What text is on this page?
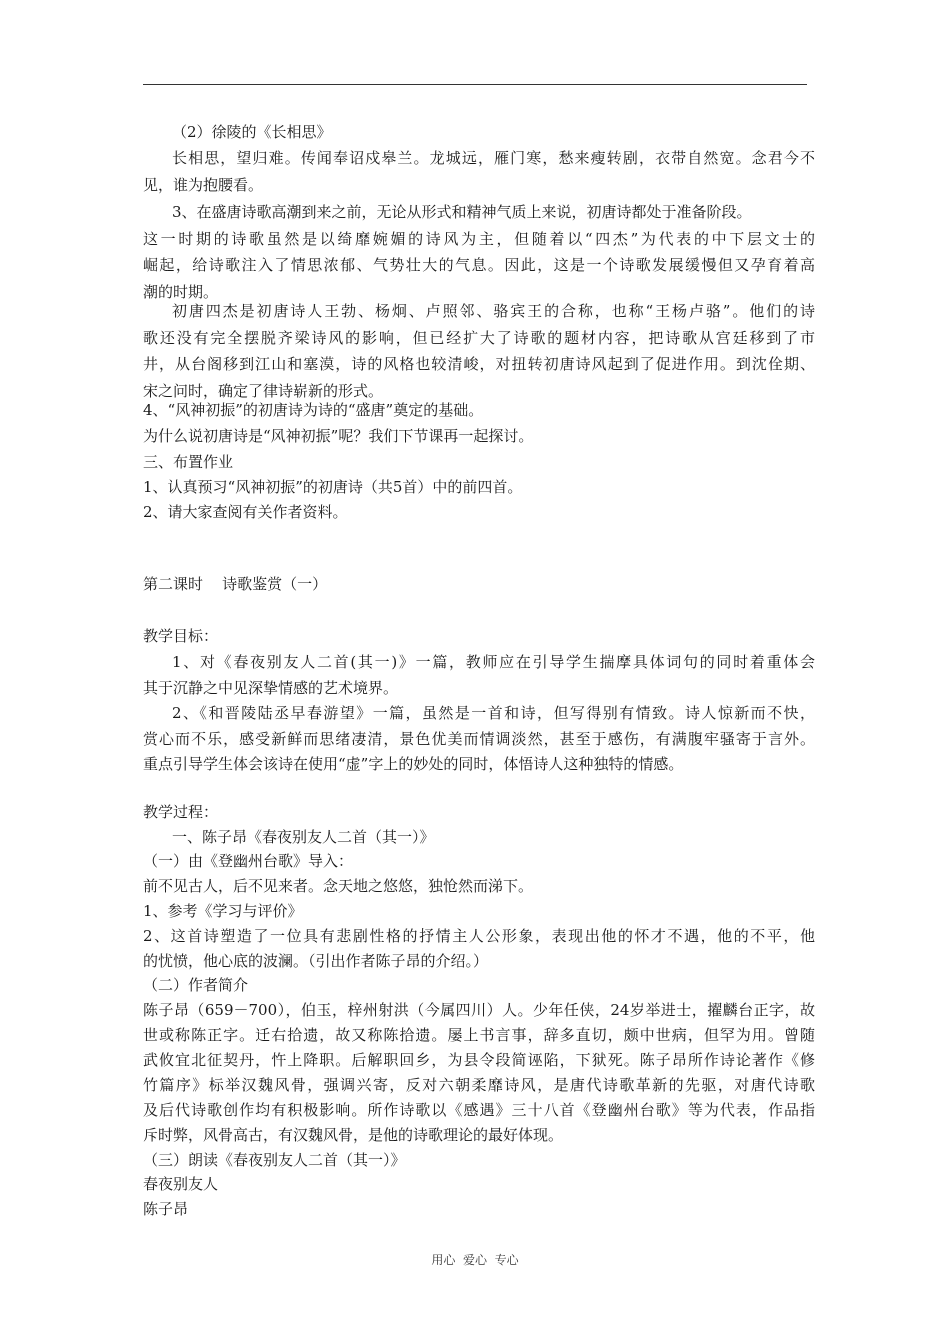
（2）徐陵的《长相思》
长相思，望归难。传闻奉诏戍皋兰。龙城远，雁门寒，愁来瘦转剧，衣带自然宽。念君今不
见，谁为抱腰看。
3、在盛唐诗歌高潮到来之前，无论从形式和精神气质上来说，初唐诗都处于准备阶段。
这一时期的诗歌虽然是以绮靡婉媚的诗风为主，但随着以“四杰”为代表的中下层文士的
崛起，给诗歌注入了情思浓郁、气势壮大的气息。因此，这是一个诗歌发展缓慢但又孕育着高
潮的时期。
初唐四杰是初唐诗人王勃、杨炯、卢照邻、骆宾王的合称，也称“王杨卢骆”。他们的诗
歌还没有完全摆脱齐梁诗风的影响，但已经扩大了诗歌的题材内容，把诗歌从宫廷移到了市
井，从台阁移到江山和塞漠，诗的风格也较清峻，对扭转初唐诗风起到了促进作用。到沈佺期、
宋之问时，确定了律诗崭新的形式。
4、“风神初振”的初唐诗为诗的“盛唐”奠定的基础。
为什么说初唐诗是“风神初振”呢？我们下节课再一起探讨。
三、布置作业
1、认真预习“风神初振”的初唐诗（共5首）中的前四首。
2、请大家查阅有关作者资料。
第二课时    诗歌鉴赏（一）
教学目标：
1、对《春夜别友人二首(其一)》一篇，教师应在引导学生揣摩具体词句的同时着重体会
其于沉静之中见深挚情感的艺术境界。
2、《和晋陵陆丞早春游望》一篇，虽然是一首和诗，但写得别有情致。诗人惊新而不快，
赏心而不乐，感受新鲜而思绪凄清，景色优美而情调淡然，甚至于感伤，有满腹牢骚寄于言外。
重点引导学生体会该诗在使用“虚”字上的妙处的同时，体悟诗人这种独特的情感。
教学过程：
一、陈子昂《春夜别友人二首（其一）》
（一）由《登幽州台歌》导入：
前不见古人，后不见来者。念天地之悠悠，独怆然而涕下。
1、参考《学习与评价》
2、这首诗塑造了一位具有悲剧性格的抒情主人公形象，表现出他的怀才不遇，他的不平，他
的忧愤，他心底的波澜。（引出作者陈子昂的介绍。）
（二）作者简介
陈子昂（659－700），伯玉，梓州射洪（今属四川）人。少年任侠，24岁举进士，擢麟台正字，故
世或称陈正字。迁右拾遗，故又称陈拾遗。屡上书言事，辞多直切，颇中世病，但罕为用。曾随
武攸宜北征契丹，忤上降职。后解职回乡，为县令段简诬陷，下狱死。陈子昂所作诗论著作《修
竹篇序》标举汉魏风骨，强调兴寄，反对六朝柔靡诗风，是唐代诗歌革新的先驱，对唐代诗歌
及后代诗歌创作均有积极影响。所作诗歌以《感遇》三十八首《登幽州台歌》等为代表，作品指
斥时弊，风骨高古，有汉魏风骨，是他的诗歌理论的最好体现。
（三）朗读《春夜别友人二首（其一）》
春夜别友人
陈子昂
用心  爱心  专心
